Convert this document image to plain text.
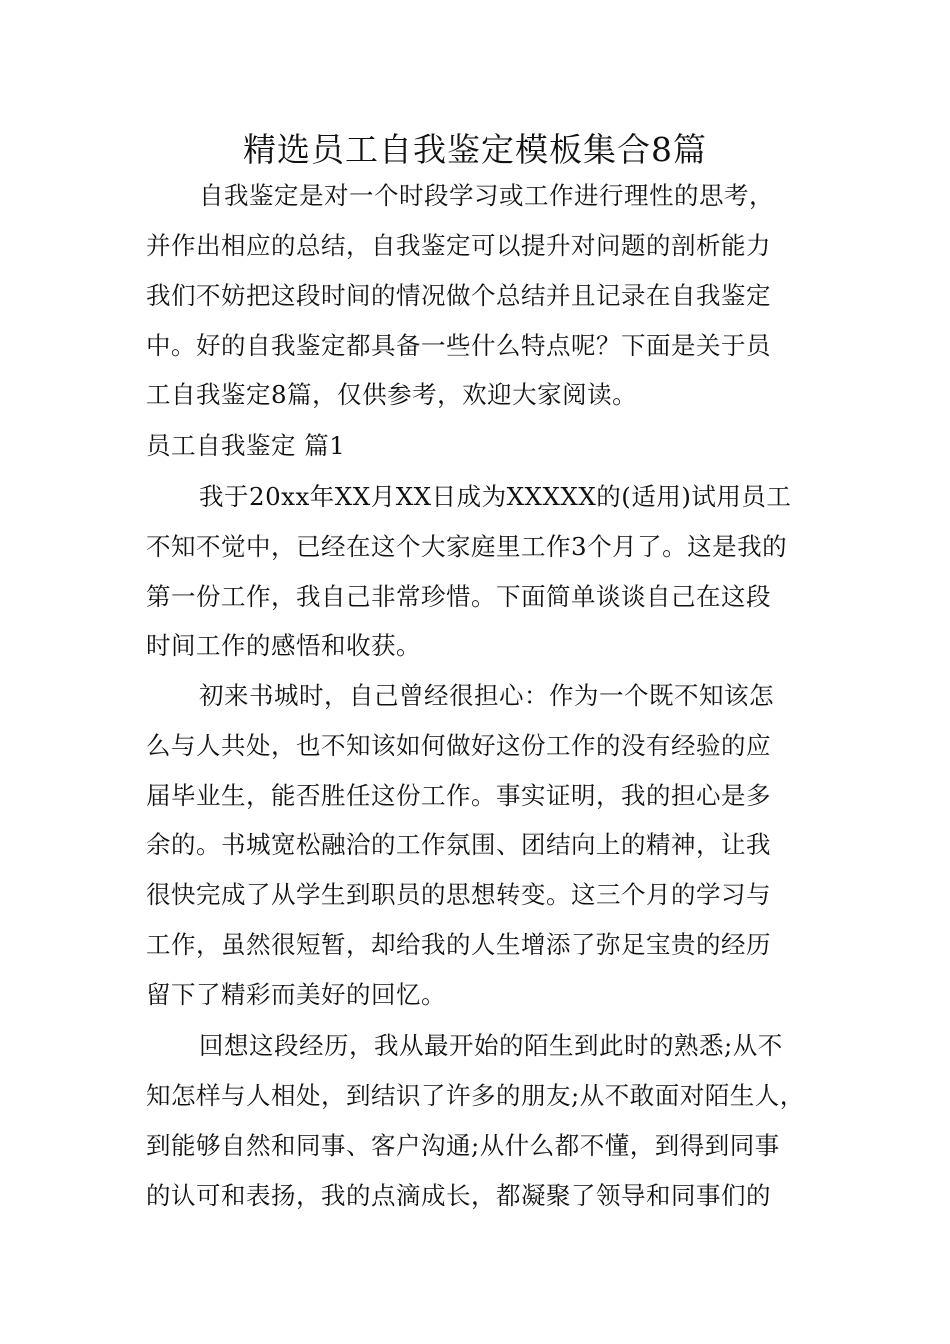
精选员工自我鉴定模板集合8篇
自我鉴定是对一个时段学习或工作进行理性的思考，
并作出相应的总结，自我鉴定可以提升对问题的剖析能力
我们不妨把这段时间的情况做个总结并且记录在自我鉴定
中。好的自我鉴定都具备一些什么特点呢？下面是关于员
工自我鉴定8篇，仅供参考，欢迎大家阅读。
员工自我鉴定 篇1
我于20xx年XX月XX日成为XXXXX的(适用)试用员工
不知不觉中，已经在这个大家庭里工作3个月了。这是我的
第一份工作，我自己非常珍惜。下面简单谈谈自己在这段
时间工作的感悟和收获。
初来书城时，自己曾经很担心：作为一个既不知该怎
么与人共处，也不知该如何做好这份工作的没有经验的应
届毕业生，能否胜任这份工作。事实证明，我的担心是多
余的。书城宽松融洽的工作氛围、团结向上的精神，让我
很快完成了从学生到职员的思想转变。这三个月的学习与
工作，虽然很短暂，却给我的人生增添了弥足宝贵的经历
留下了精彩而美好的回忆。
回想这段经历，我从最开始的陌生到此时的熟悉;从不
知怎样与人相处，到结识了许多的朋友;从不敢面对陌生人，
到能够自然和同事、客户沟通;从什么都不懂，到得到同事
的认可和表扬，我的点滴成长，都凝聚了领导和同事们的
